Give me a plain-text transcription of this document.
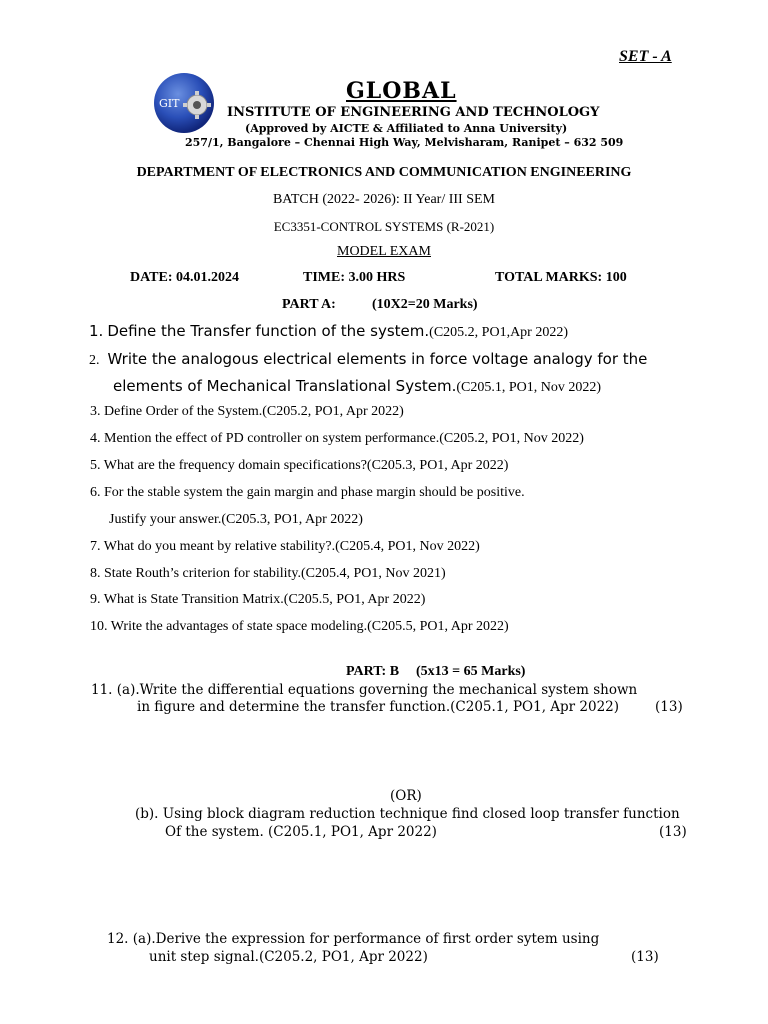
SET - A
GIT	GLOBAL
INSTITUTE OF ENGINEERING AND TECHNOLOGY
(Approved by AICTE & Affiliated to Anna University)
257/1, Bangalore – Chennai High Way, Melvisharam, Ranipet – 632 509
DEPARTMENT OF ELECTRONICS AND COMMUNICATION ENGINEERING
BATCH (2022- 2026): II Year/ III SEM
EC3351-CONTROL SYSTEMS (R-2021)
MODEL EXAM
DATE: 04.01.2024	TIME: 3.00 HRS	TOTAL MARKS: 100
PART A:	(10X2=20 Marks)
1. Define the Transfer function of the system.(C205.2, PO1,Apr 2022)
2. Write the analogous electrical elements in force voltage analogy for the
elements of Mechanical Translational System.(C205.1, PO1, Nov 2022)
3. Define Order of the System.(C205.2, PO1, Apr 2022)
4. Mention the effect of PD controller on system performance.(C205.2, PO1, Nov 2022)
5. What are the frequency domain specifications?(C205.3, PO1, Apr 2022)
6. For the stable system the gain margin and phase margin should be positive.
Justify your answer.(C205.3, PO1, Apr 2022)
7. What do you meant by relative stability?.(C205.4, PO1, Nov 2022)
8. State Routh’s criterion for stability.(C205.4, PO1, Nov 2021)
9. What is State Transition Matrix.(C205.5, PO1, Apr 2022)
10. Write the advantages of state space modeling.(C205.5, PO1, Apr 2022)
PART: B (5x13 = 65 Marks)
11. (a).Write the differential equations governing the mechanical system shown
in figure and determine the transfer function.(C205.1, PO1, Apr 2022)	(13)
(OR)
(b). Using block diagram reduction technique find closed loop transfer function
Of the system. (C205.1, PO1, Apr 2022)	(13)
12. (a).Derive the expression for performance of first order sytem using
unit step signal.(C205.2, PO1, Apr 2022)	(13)
